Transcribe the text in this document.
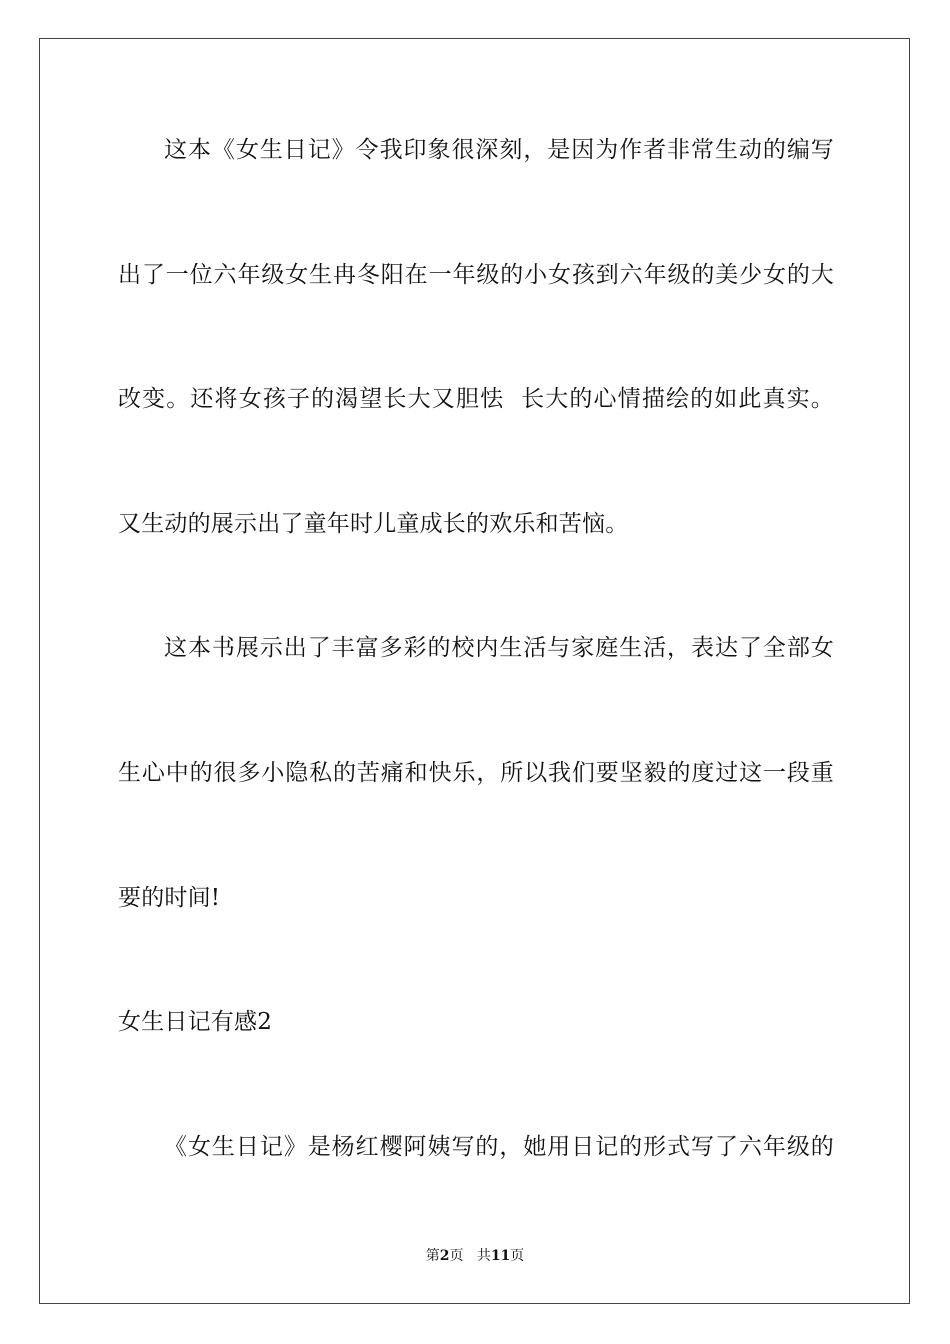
这本《女生日记》令我印象很深刻，是因为作者非常生动的编写
出了一位六年级女生冉冬阳在一年级的小女孩到六年级的美少女的大
改变。还将女孩子的渴望长大又胆怯  长大的心情描绘的如此真实。
又生动的展示出了童年时儿童成长的欢乐和苦恼。
这本书展示出了丰富多彩的校内生活与家庭生活，表达了全部女
生心中的很多小隐私的苦痛和快乐，所以我们要坚毅的度过这一段重
要的时间!
女生日记有感2
《女生日记》是杨红樱阿姨写的，她用日记的形式写了六年级的
第2页 共11页
